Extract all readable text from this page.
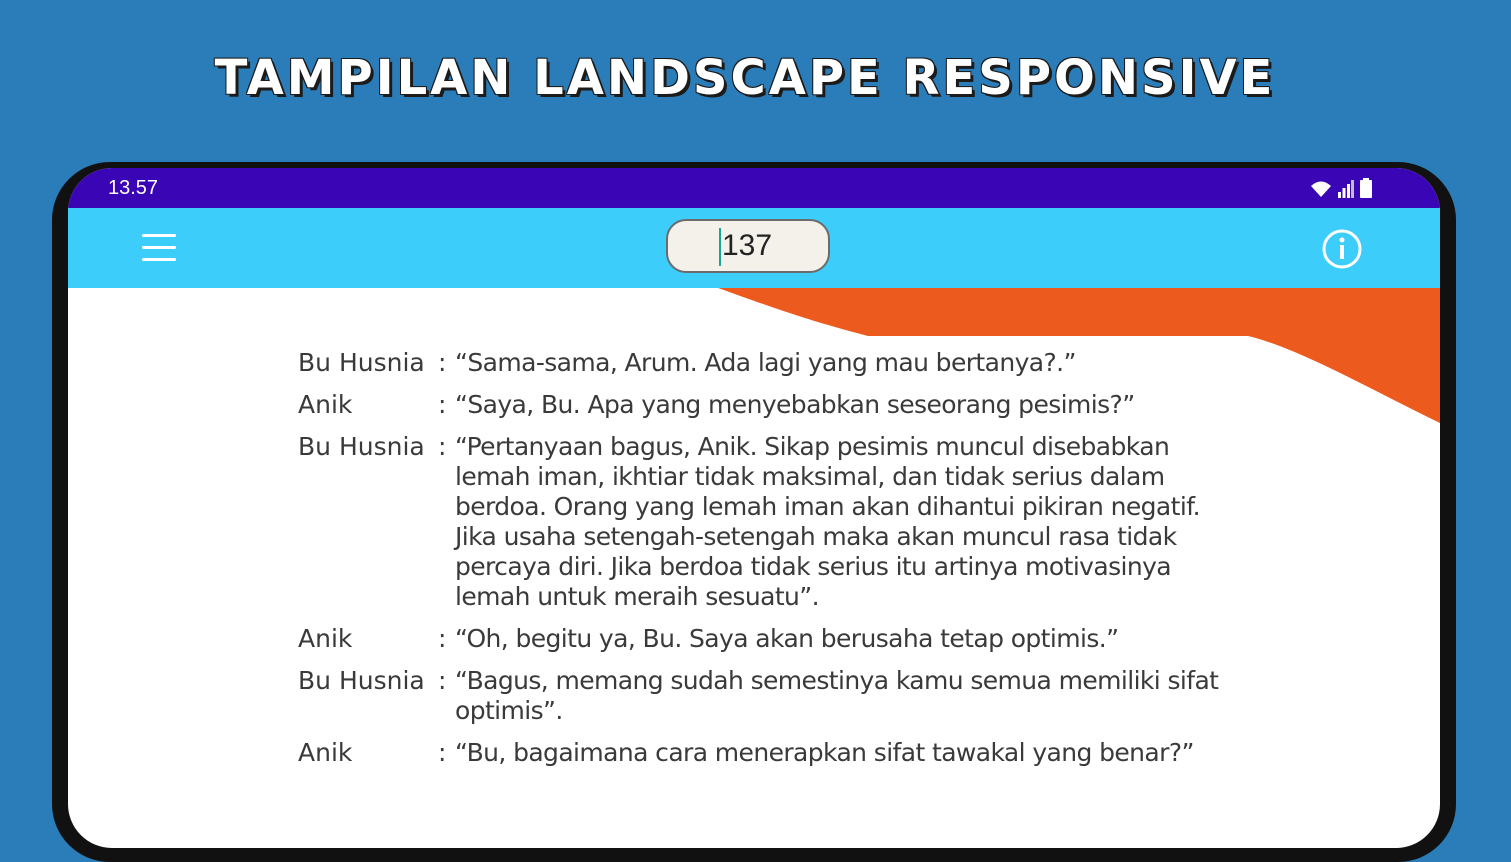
TAMPILAN LANDSCAPE RESPONSIVE
13.57
137
Bu Husnia : “Sama-sama, Arum. Ada lagi yang mau bertanya?.”
Anik	: “Saya, Bu. Apa yang menyebabkan seseorang pesimis?”
Bu Husnia : “Pertanyaan bagus, Anik. Sikap pesimis muncul disebabkan
lemah iman, ikhtiar tidak maksimal, dan tidak serius dalam
berdoa. Orang yang lemah iman akan dihantui pikiran negatif.
Jika usaha setengah-setengah maka akan muncul rasa tidak
percaya diri. Jika berdoa tidak serius itu artinya motivasinya
lemah untuk meraih sesuatu”.
Anik	: “Oh, begitu ya, Bu. Saya akan berusaha tetap optimis.”
Bu Husnia : “Bagus, memang sudah semestinya kamu semua memiliki sifat
optimis”.
Anik	: “Bu, bagaimana cara menerapkan sifat tawakal yang benar?”
